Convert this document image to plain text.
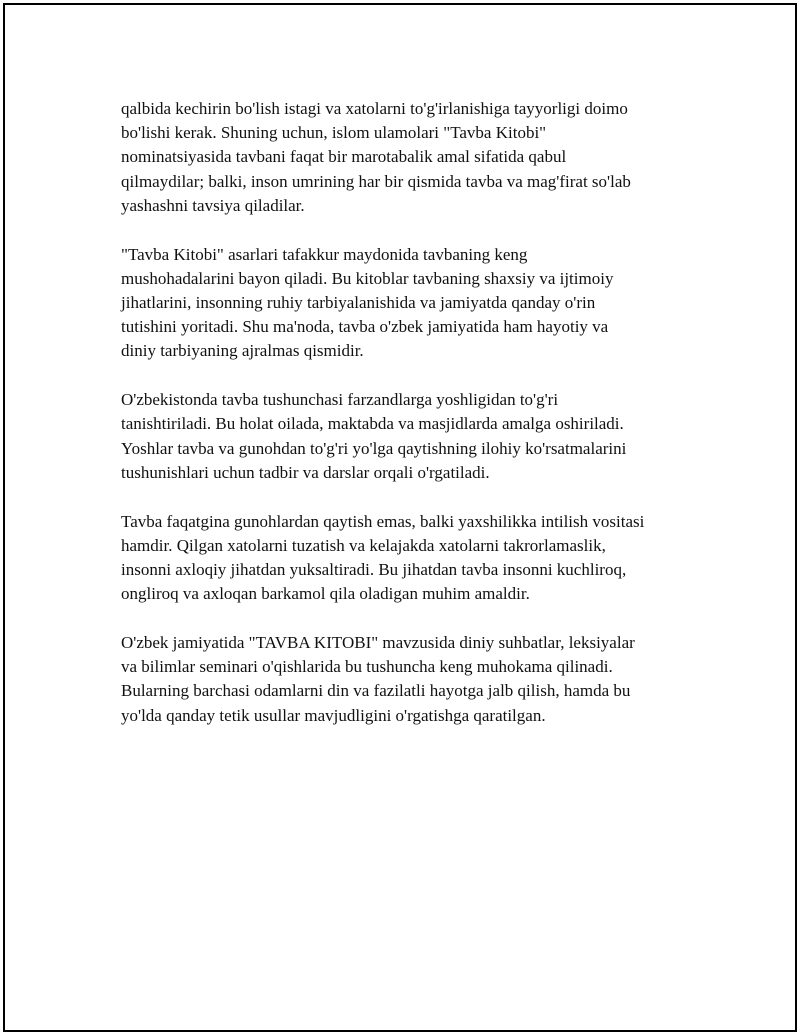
qalbida kechirin bo'lish istagi va xatolarni to'g'irlanishiga tayyorligi doimo
bo'lishi kerak. Shuning uchun, islom ulamolari "Tavba Kitobi"
nominatsiyasida tavbani faqat bir marotabalik amal sifatida qabul
qilmaydilar; balki, inson umrining har bir qismida tavba va mag'firat so'lab
yashashni tavsiya qiladilar.

"Tavba Kitobi" asarlari tafakkur maydonida tavbaning keng
mushohadalarini bayon qiladi. Bu kitoblar tavbaning shaxsiy va ijtimoiy
jihatlarini, insonning ruhiy tarbiyalanishida va jamiyatda qanday o'rin
tutishini yoritadi. Shu ma'noda, tavba o'zbek jamiyatida ham hayotiy va
diniy tarbiyaning ajralmas qismidir.

O'zbekistonda tavba tushunchasi farzandlarga yoshligidan to'g'ri
tanishtiriladi. Bu holat oilada, maktabda va masjidlarda amalga oshiriladi.
Yoshlar tavba va gunohdan to'g'ri yo'lga qaytishning ilohiy ko'rsatmalarini
tushunishlari uchun tadbir va darslar orqali o'rgatiladi.

Tavba faqatgina gunohlardan qaytish emas, balki yaxshilikka intilish vositasi
hamdir. Qilgan xatolarni tuzatish va kelajakda xatolarni takrorlamaslik,
insonni axloqiy jihatdan yuksaltiradi. Bu jihatdan tavba insonni kuchliroq,
ongliroq va axloqan barkamol qila oladigan muhim amaldir.

O'zbek jamiyatida "TAVBA KITOBI" mavzusida diniy suhbatlar, leksiyalar
va bilimlar seminari o'qishlarida bu tushuncha keng muhokama qilinadi.
Bularning barchasi odamlarni din va fazilatli hayotga jalb qilish, hamda bu
yo'lda qanday tetik usullar mavjudligini o'rgatishga qaratilgan.
